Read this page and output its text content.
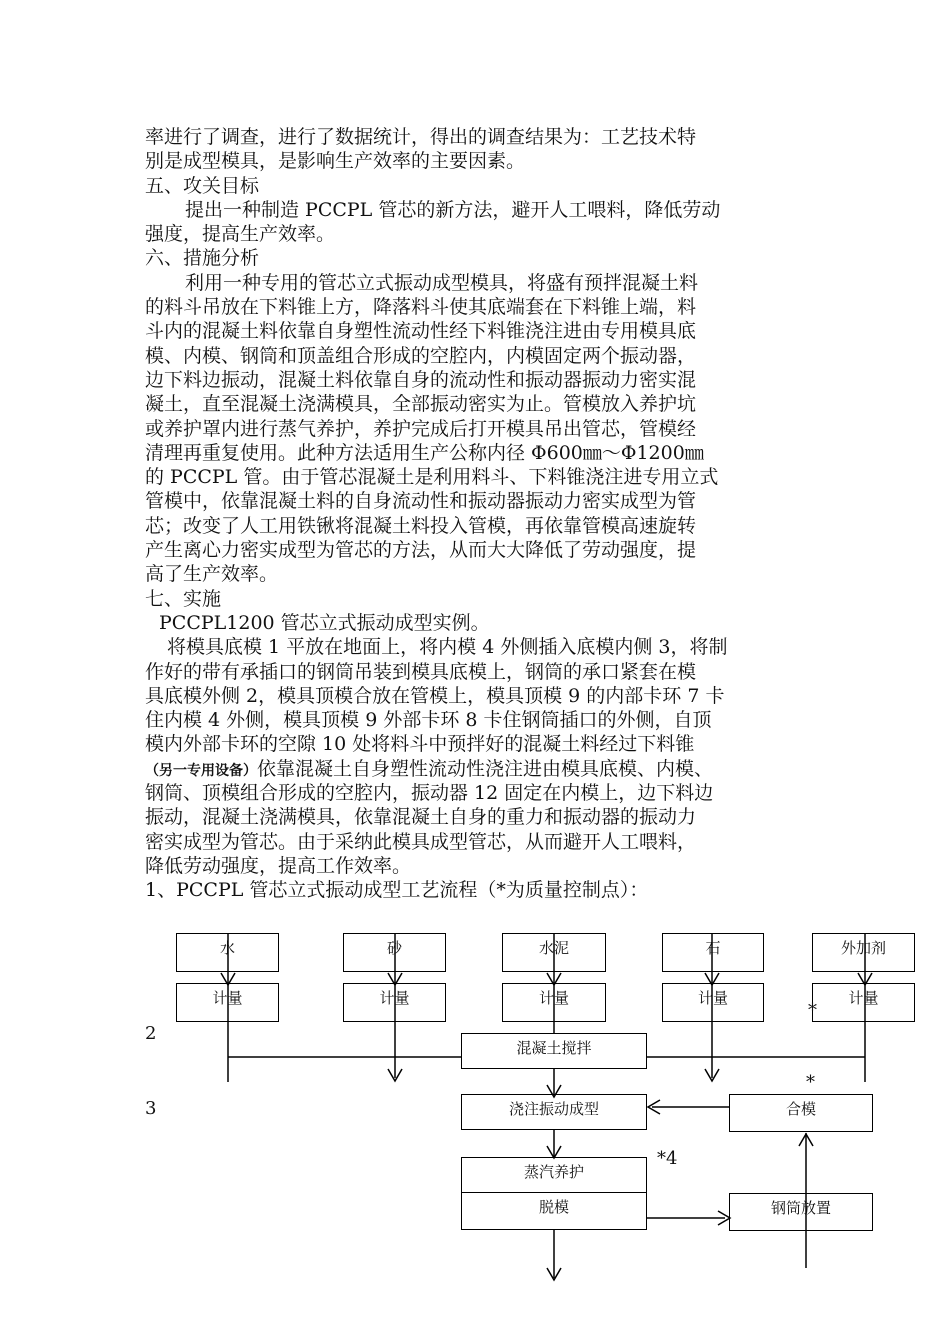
率进行了调查，进行了数据统计，得出的调查结果为：工艺技术特
别是成型模具，是影响生产效率的主要因素。
五、攻关目标
提出一种制造 PCCPL 管芯的新方法，避开人工喂料，降低劳动
强度，提高生产效率。
六、措施分析
利用一种专用的管芯立式振动成型模具，将盛有预拌混凝土料
的料斗吊放在下料锥上方，降落料斗使其底端套在下料锥上端，料
斗内的混凝土料依靠自身塑性流动性经下料锥浇注进由专用模具底
模、内模、钢筒和顶盖组合形成的空腔内，内模固定两个振动器，
边下料边振动，混凝土料依靠自身的流动性和振动器振动力密实混
凝土，直至混凝土浇满模具，全部振动密实为止。管模放入养护坑
或养护罩内进行蒸气养护，养护完成后打开模具吊出管芯，管模经
清理再重复使用。此种方法适用生产公称内径 Φ600㎜～Φ1200㎜
的 PCCPL 管。由于管芯混凝土是利用料斗、下料锥浇注进专用立式
管模中，依靠混凝土料的自身流动性和振动器振动力密实成型为管
芯；改变了人工用铁锹将混凝土料投入管模，再依靠管模高速旋转
产生离心力密实成型为管芯的方法，从而大大降低了劳动强度，提
高了生产效率。
七、实施
PCCPL1200 管芯立式振动成型实例。
将模具底模 1 平放在地面上，将内模 4 外侧插入底模内侧 3，将制
作好的带有承插口的钢筒吊装到模具底模上，钢筒的承口紧套在模
具底模外侧 2，模具顶模合放在管模上，模具顶模 9 的内部卡环 7 卡
住内模 4 外侧，模具顶模 9 外部卡环 8 卡住钢筒插口的外侧，自顶
模内外部卡环的空隙 10 处将料斗中预拌好的混凝土料经过下料锥
（另一专用设备）依靠混凝土自身塑性流动性浇注进由模具底模、内模、
钢筒、顶模组合形成的空腔内，振动器 12 固定在内模上，边下料边
振动，混凝土浇满模具，依靠混凝土自身的重力和振动器的振动力
密实成型为管芯。由于采纳此模具成型管芯，从而避开人工喂料，
降低劳动强度，提高工作效率。
1、PCCPL 管芯立式振动成型工艺流程（*为质量控制点）：
水	砂	水泥	石	外加剂
计量	计量	计量	计量	计量
混凝土搅拌
浇注振动成型	合模
蒸汽养护
脱模	钢筒放置
*
2
*
3
*4
